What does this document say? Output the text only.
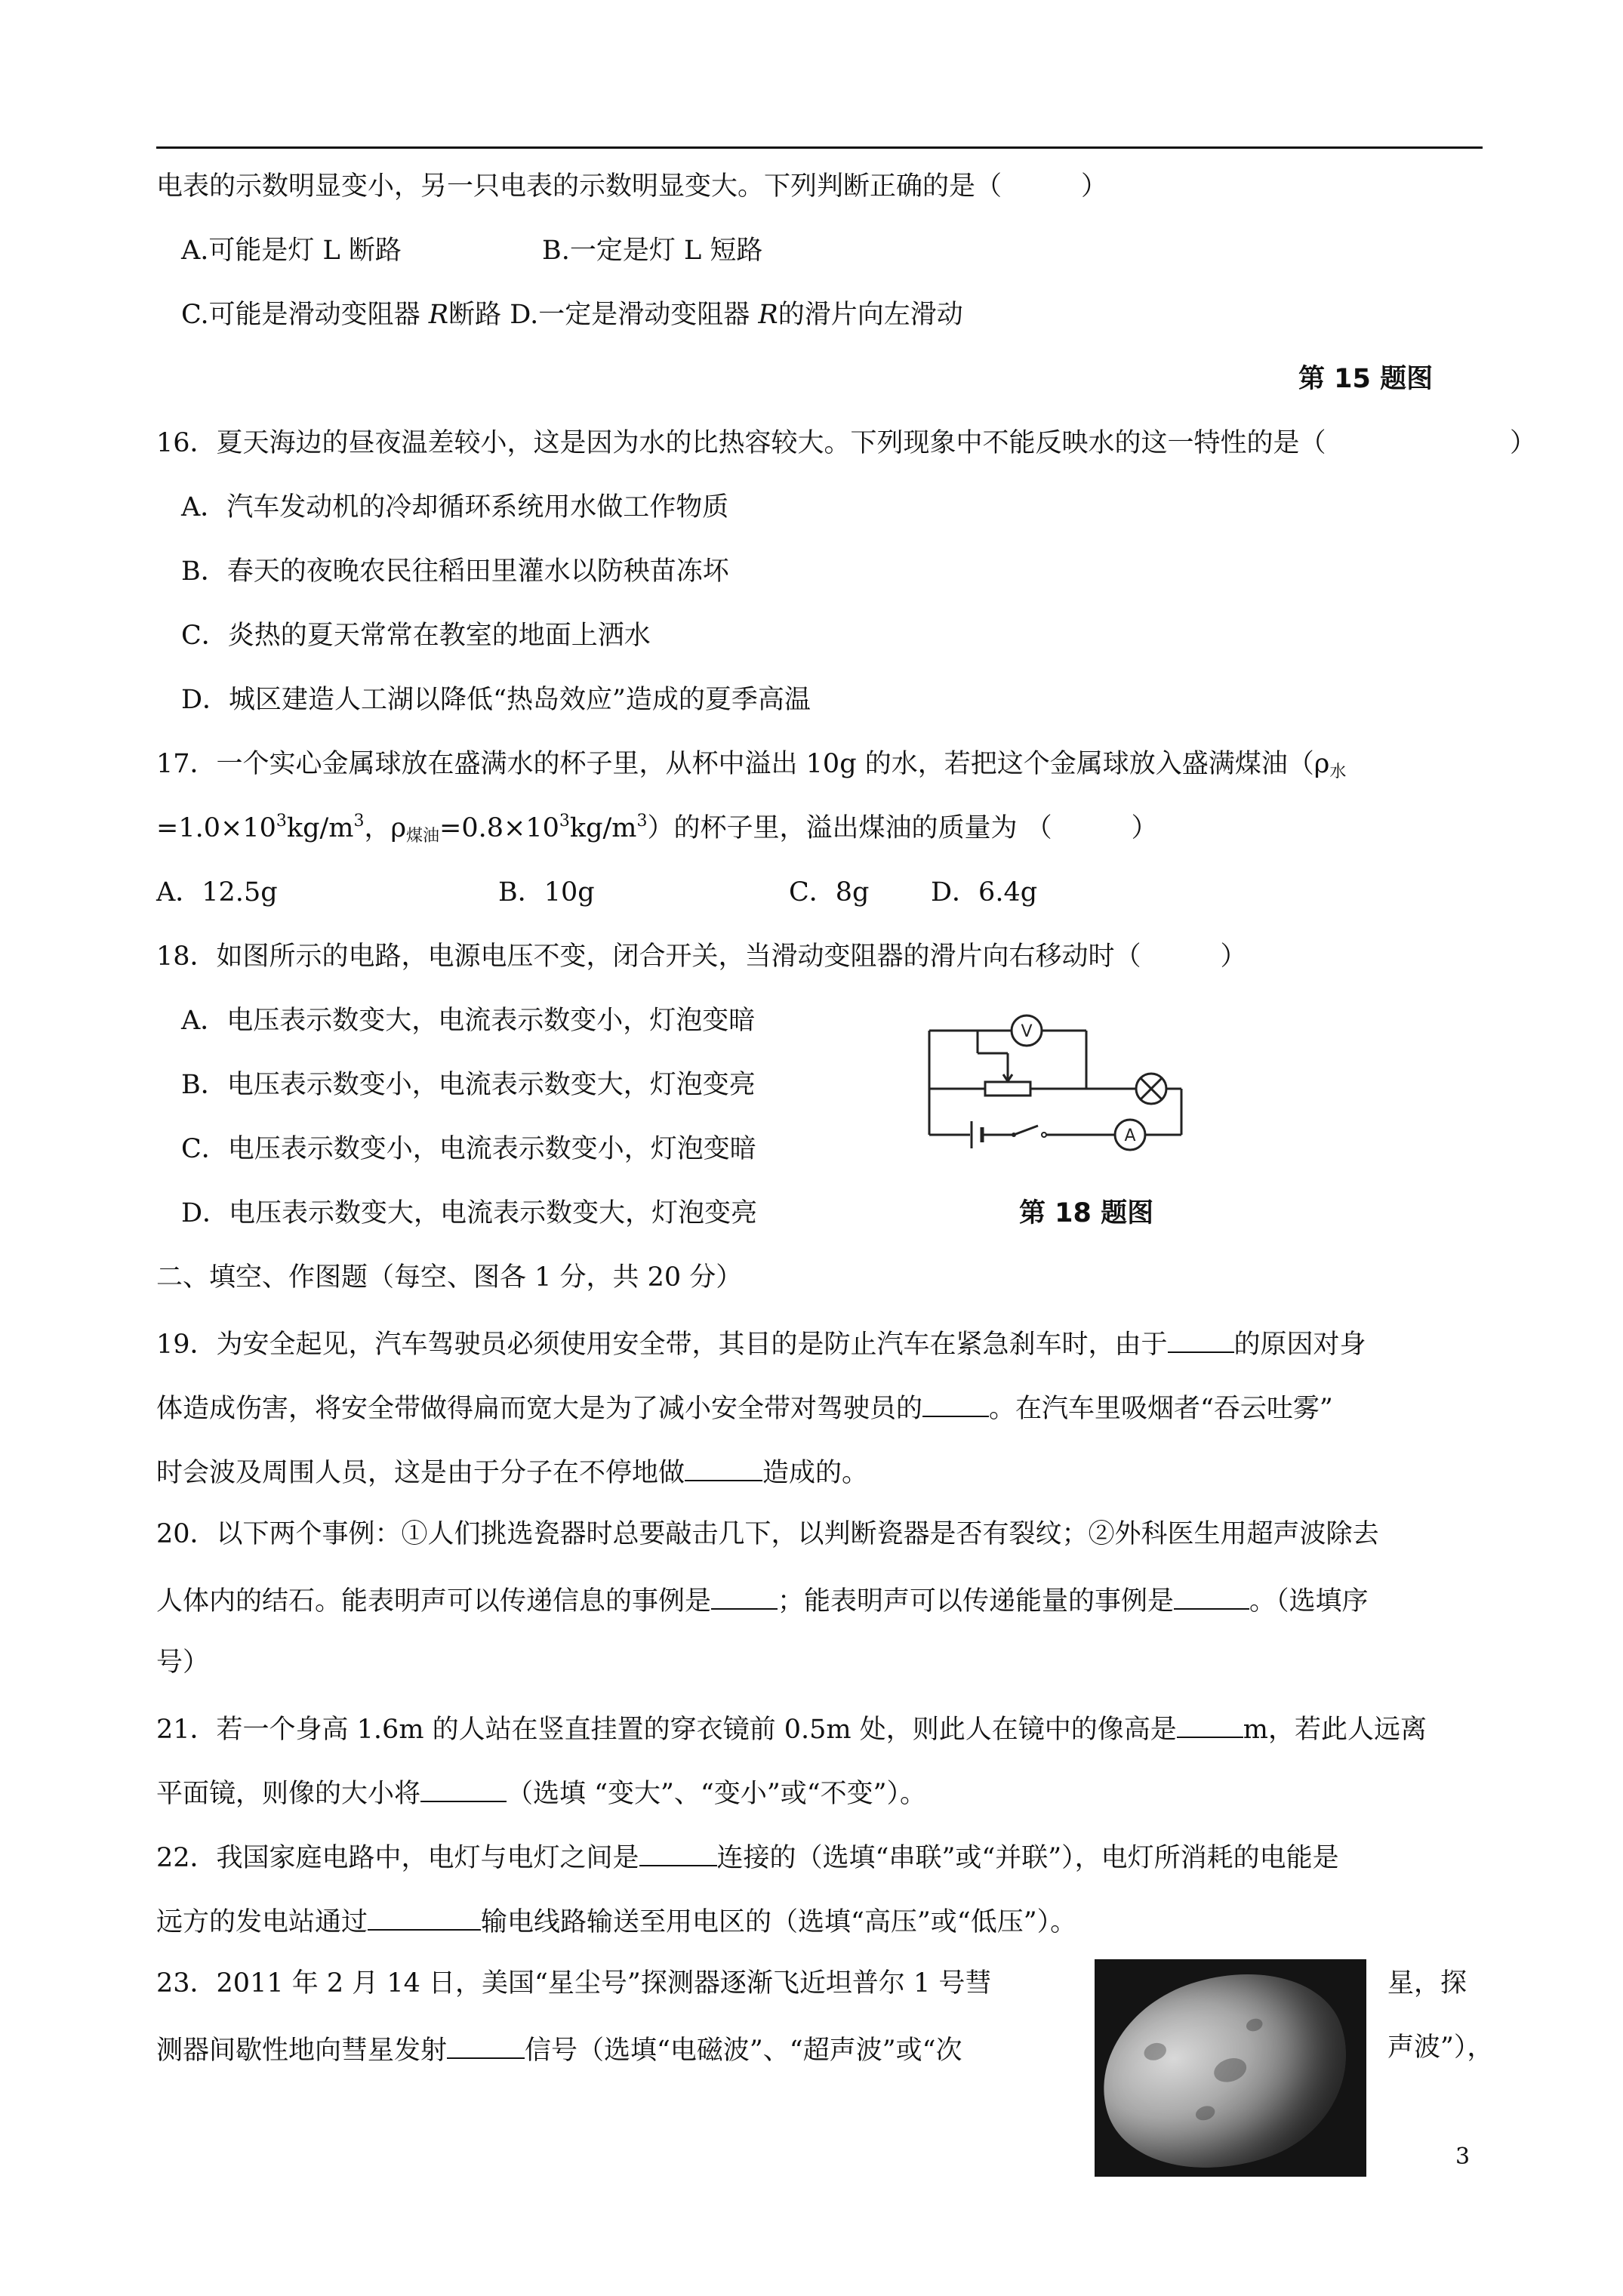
电表的示数明显变小，另一只电表的示数明显变大。下列判断正确的是（　　　）
A.可能是灯 L 断路	B.一定是灯 L 短路
C.可能是滑动变阻器 R断路 D.一定是滑动变阻器 R的滑片向左滑动
第 15 题图
16．夏天海边的昼夜温差较小，这是因为水的比热容较大。下列现象中不能反映水的这一特性的是（	）
A．汽车发动机的冷却循环系统用水做工作物质
B．春天的夜晚农民往稻田里灌水以防秧苗冻坏
C．炎热的夏天常常在教室的地面上洒水
D．城区建造人工湖以降低“热岛效应”造成的夏季高温
17．一个实心金属球放在盛满水的杯子里，从杯中溢出 10g 的水，若把这个金属球放入盛满煤油（$\rho_水$
$=1.0\times 10^3kg/m^3$，$\rho_{煤油}=0.8\times 10^3kg/m^3$）的杯子里，溢出煤油的质量为 （　　　）
A．12.5g	B．10g	C．8g D．6.4g
18．如图所示的电路，电源电压不变，闭合开关，当滑动变阻器的滑片向右移动时（　　　）
A．电压表示数变大，电流表示数变小，灯泡变暗
B．电压表示数变小，电流表示数变大，灯泡变亮
C．电压表示数变小，电流表示数变小，灯泡变暗
D．电压表示数变大，电流表示数变大，灯泡变亮
V
A
第 18 题图
二、填空、作图题（每空、图各 1 分，共 20 分）
19．为安全起见，汽车驾驶员必须使用安全带，其目的是防止汽车在紧急刹车时，由于	的原因对身
体造成伤害，将安全带做得扁而宽大是为了减小安全带对驾驶员的	。在汽车里吸烟者“吞云吐雾”
时会波及周围人员，这是由于分子在不停地做	造成的。
20．以下两个事例：①人们挑选瓷器时总要敲击几下，以判断瓷器是否有裂纹；②外科医生用超声波除去
人体内的结石。能表明声可以传递信息的事例是	；能表明声可以传递能量的事例是	。（选填序
号）
21．若一个身高 1.6m 的人站在竖直挂置的穿衣镜前 0.5m 处，则此人在镜中的像高是	m，若此人远离
平面镜，则像的大小将	（选填 “变大”、“变小”或“不变”）。
22．我国家庭电路中，电灯与电灯之间是	连接的（选填“串联”或“并联”），电灯所消耗的电能是
远方的发电站通过	输电线路输送至用电区的（选填“高压”或“低压”）。
23．2011 年 2 月 14 日，美国“星尘号”探测器逐渐飞近坦普尔 1 号彗	星，探
测器间歇性地向彗星发射	信号（选填“电磁波”、“超声波”或“次	声波”），
3
